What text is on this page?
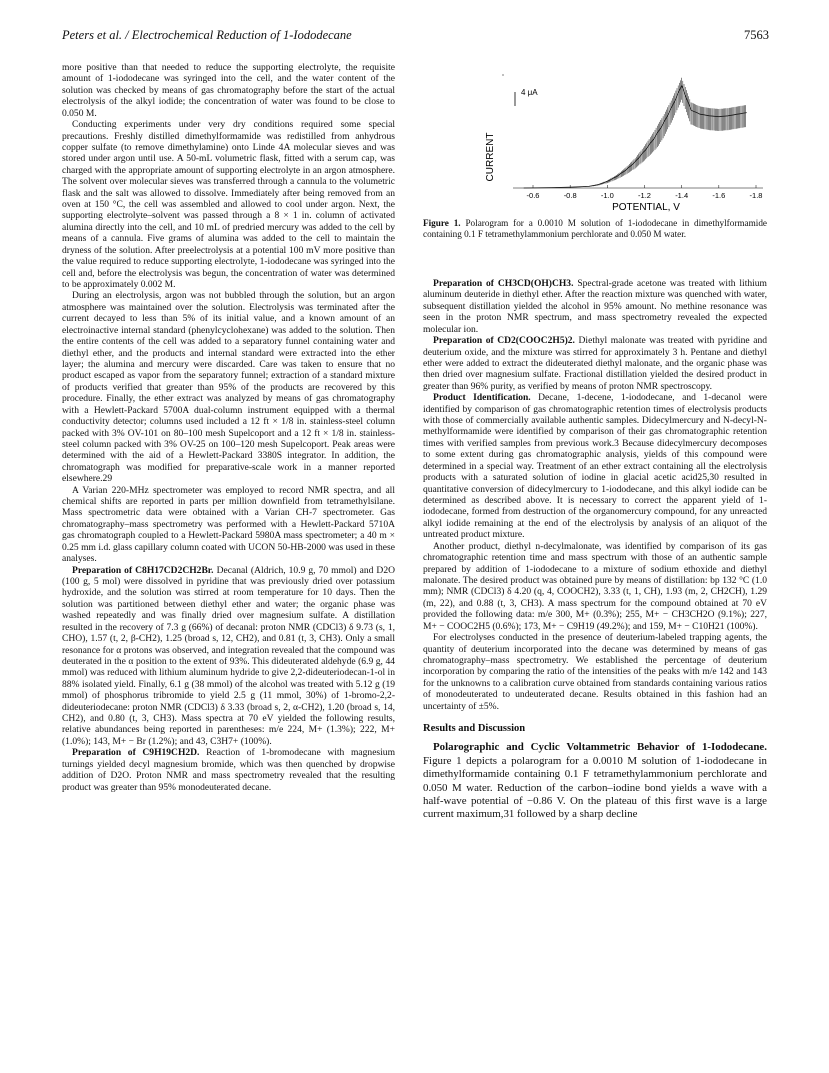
Peters et al. / Electrochemical Reduction of 1-Iododecane	7563

more positive than that needed to reduce the supporting electrolyte, the requisite amount of 1-iododecane was syringed into the cell, and the water content of the solution was checked by means of gas chromatography before the start of the actual electrolysis of the alkyl iodide; the concentration of water was found to be close to 0.050 M.

Conducting experiments under very dry conditions required some special precautions. Freshly distilled dimethylformamide was redistilled from anhydrous copper sulfate (to remove dimethylamine) onto Linde 4A molecular sieves and was stored under argon until use. A 50-mL volumetric flask, fitted with a serum cap, was charged with the appropriate amount of supporting electrolyte in an argon atmosphere. The solvent over molecular sieves was transferred through a cannula to the volumetric flask and the salt was allowed to dissolve. Immediately after being removed from an oven at 150 °C, the cell was assembled and allowed to cool under argon. Next, the supporting electrolyte–solvent was passed through a 8 × 1 in. column of activated alumina directly into the cell, and 10 mL of predried mercury was added to the cell by means of a cannula. Five grams of alumina was added to the cell to maintain the dryness of the solution. After preelectrolysis at a potential 100 mV more positive than the value required to reduce supporting electrolyte, 1-iododecane was syringed into the cell and, before the electrolysis was begun, the concentration of water was determined to be approximately 0.002 M.

During an electrolysis, argon was not bubbled through the solution, but an argon atmosphere was maintained over the solution. Electrolysis was terminated after the current decayed to less than 5% of its initial value, and a known amount of an electroinactive internal standard (phenylcyclohexane) was added to the solution. Then the entire contents of the cell was added to a separatory funnel containing water and diethyl ether, and the products and internal standard were extracted into the ether layer; the alumina and mercury were discarded. Care was taken to ensure that no product escaped as vapor from the separatory funnel; extraction of a standard mixture of products verified that greater than 95% of the products are recovered by this procedure. Finally, the ether extract was analyzed by means of gas chromatography with a Hewlett-Packard 5700A dual-column instrument equipped with a thermal conductivity detector; columns used included a 12 ft × 1/8 in. stainless-steel column packed with 3% OV-101 on 80–100 mesh Supelcoport and a 12 ft × 1/8 in. stainless-steel column packed with 3% OV-25 on 100–120 mesh Supelcoport. Peak areas were determined with the aid of a Hewlett-Packard 3380S integrator. In addition, the chromatograph was modified for preparative-scale work in a manner reported elsewhere.29

A Varian 220-MHz spectrometer was employed to record NMR spectra, and all chemical shifts are reported in parts per million downfield from tetramethylsilane. Mass spectrometric data were obtained with a Varian CH-7 spectrometer. Gas chromatography–mass spectrometry was performed with a Hewlett-Packard 5710A gas chromatograph coupled to a Hewlett-Packard 5980A mass spectrometer; a 40 m × 0.25 mm i.d. glass capillary column coated with UCON 50-HB-2000 was used in these analyses.

Preparation of C8H17CD2CH2Br. Decanal (Aldrich, 10.9 g, 70 mmol) and D2O (100 g, 5 mol) were dissolved in pyridine that was previously dried over potassium hydroxide, and the solution was stirred at room temperature for 10 days. Then the solution was partitioned between diethyl ether and water; the organic phase was washed repeatedly and was finally dried over magnesium sulfate. A distillation resulted in the recovery of 7.3 g (66%) of decanal: proton NMR (CDCl3) δ 9.73 (s, 1, CHO), 1.57 (t, 2, β-CH2), 1.25 (broad s, 12, CH2), and 0.81 (t, 3, CH3). Only a small resonance for α protons was observed, and integration revealed that the compound was deuterated in the α position to the extent of 93%. This dideuterated aldehyde (6.9 g, 44 mmol) was reduced with lithium aluminum hydride to give 2,2-dideuteriodecan-1-ol in 88% isolated yield. Finally, 6.1 g (38 mmol) of the alcohol was treated with 5.12 g (19 mmol) of phosphorus tribromide to yield 2.5 g (11 mmol, 30%) of 1-bromo-2,2-dideuteriodecane: proton NMR (CDCl3) δ 3.33 (broad s, 2, α-CH2), 1.20 (broad s, 14, CH2), and 0.80 (t, 3, CH3). Mass spectra at 70 eV yielded the following results, relative abundances being reported in parentheses: m/e 224, M+ (1.3%); 222, M+ (1.0%); 143, M+ − Br (1.2%); and 43, C3H7+ (100%).

Preparation of C9H19CH2D. Reaction of 1-bromodecane with magnesium turnings yielded decyl magnesium bromide, which was then quenched by dropwise addition of D2O. Proton NMR and mass spectrometry revealed that the resulting product was greater than 95% monodeuterated decane.

CURRENT
4 μA
-0.6	-0.8	-1.0	-1.2	-1.4	-1.6	-1.8
POTENTIAL, V
Figure 1. Polarogram for a 0.0010 M solution of 1-iododecane in dimethylformamide containing 0.1 F tetramethylammonium perchlorate and 0.050 M water.

Preparation of CH3CD(OH)CH3. Spectral-grade acetone was treated with lithium aluminum deuteride in diethyl ether. After the reaction mixture was quenched with water, subsequent distillation yielded the alcohol in 95% amount. No methine resonance was seen in the proton NMR spectrum, and mass spectrometry revealed the expected molecular ion.

Preparation of CD2(COOC2H5)2. Diethyl malonate was treated with pyridine and deuterium oxide, and the mixture was stirred for approximately 3 h. Pentane and diethyl ether were added to extract the dideuterated diethyl malonate, and the organic phase was then dried over magnesium sulfate. Fractional distillation yielded the desired product in greater than 96% purity, as verified by means of proton NMR spectroscopy.

Product Identification. Decane, 1-decene, 1-iododecane, and 1-decanol were identified by comparison of gas chromatographic retention times of electrolysis products with those of commercially available authentic samples. Didecylmercury and N-decyl-N-methylformamide were identified by comparison of their gas chromatographic retention times with verified samples from previous work.3 Because didecylmercury decomposes to some extent during gas chromatographic analysis, yields of this compound were determined in a special way. Treatment of an ether extract containing all the electrolysis products with a saturated solution of iodine in glacial acetic acid25,30 resulted in quantitative conversion of didecylmercury to 1-iododecane, and this alkyl iodide can be determined as described above. It is necessary to correct the apparent yield of 1-iododecane, formed from destruction of the organomercury compound, for any unreacted alkyl iodide remaining at the end of the electrolysis by analysis of an aliquot of the untreated product mixture.

Another product, diethyl n-decylmalonate, was identified by comparison of its gas chromatographic retention time and mass spectrum with those of an authentic sample prepared by addition of 1-iododecane to a mixture of sodium ethoxide and diethyl malonate. The desired product was obtained pure by means of distillation: bp 132 °C (1.0 mm); NMR (CDCl3) δ 4.20 (q, 4, COOCH2), 3.33 (t, 1, CH), 1.93 (m, 2, CH2CH), 1.29 (m, 22), and 0.88 (t, 3, CH3). A mass spectrum for the compound obtained at 70 eV provided the following data: m/e 300, M+ (0.3%); 255, M+ − CH3CH2O (9.1%); 227, M+ − COOC2H5 (0.6%); 173, M+ − C9H19 (49.2%); and 159, M+ − C10H21 (100%).

For electrolyses conducted in the presence of deuterium-labeled trapping agents, the quantity of deuterium incorporated into the decane was determined by means of gas chromatography–mass spectrometry. We established the percentage of deuterium incorporation by comparing the ratio of the intensities of the peaks with m/e 142 and 143 for the unknowns to a calibration curve obtained from standards containing various ratios of monodeuterated to undeuterated decane. Results obtained in this fashion had an uncertainty of ±5%.

Results and Discussion

Polarographic and Cyclic Voltammetric Behavior of 1-Iododecane. Figure 1 depicts a polarogram for a 0.0010 M solution of 1-iododecane in dimethylformamide containing 0.1 F tetramethylammonium perchlorate and 0.050 M water. Reduction of the carbon–iodine bond yields a wave with a half-wave potential of −0.86 V. On the plateau of this first wave is a large current maximum,31 followed by a sharp decline
